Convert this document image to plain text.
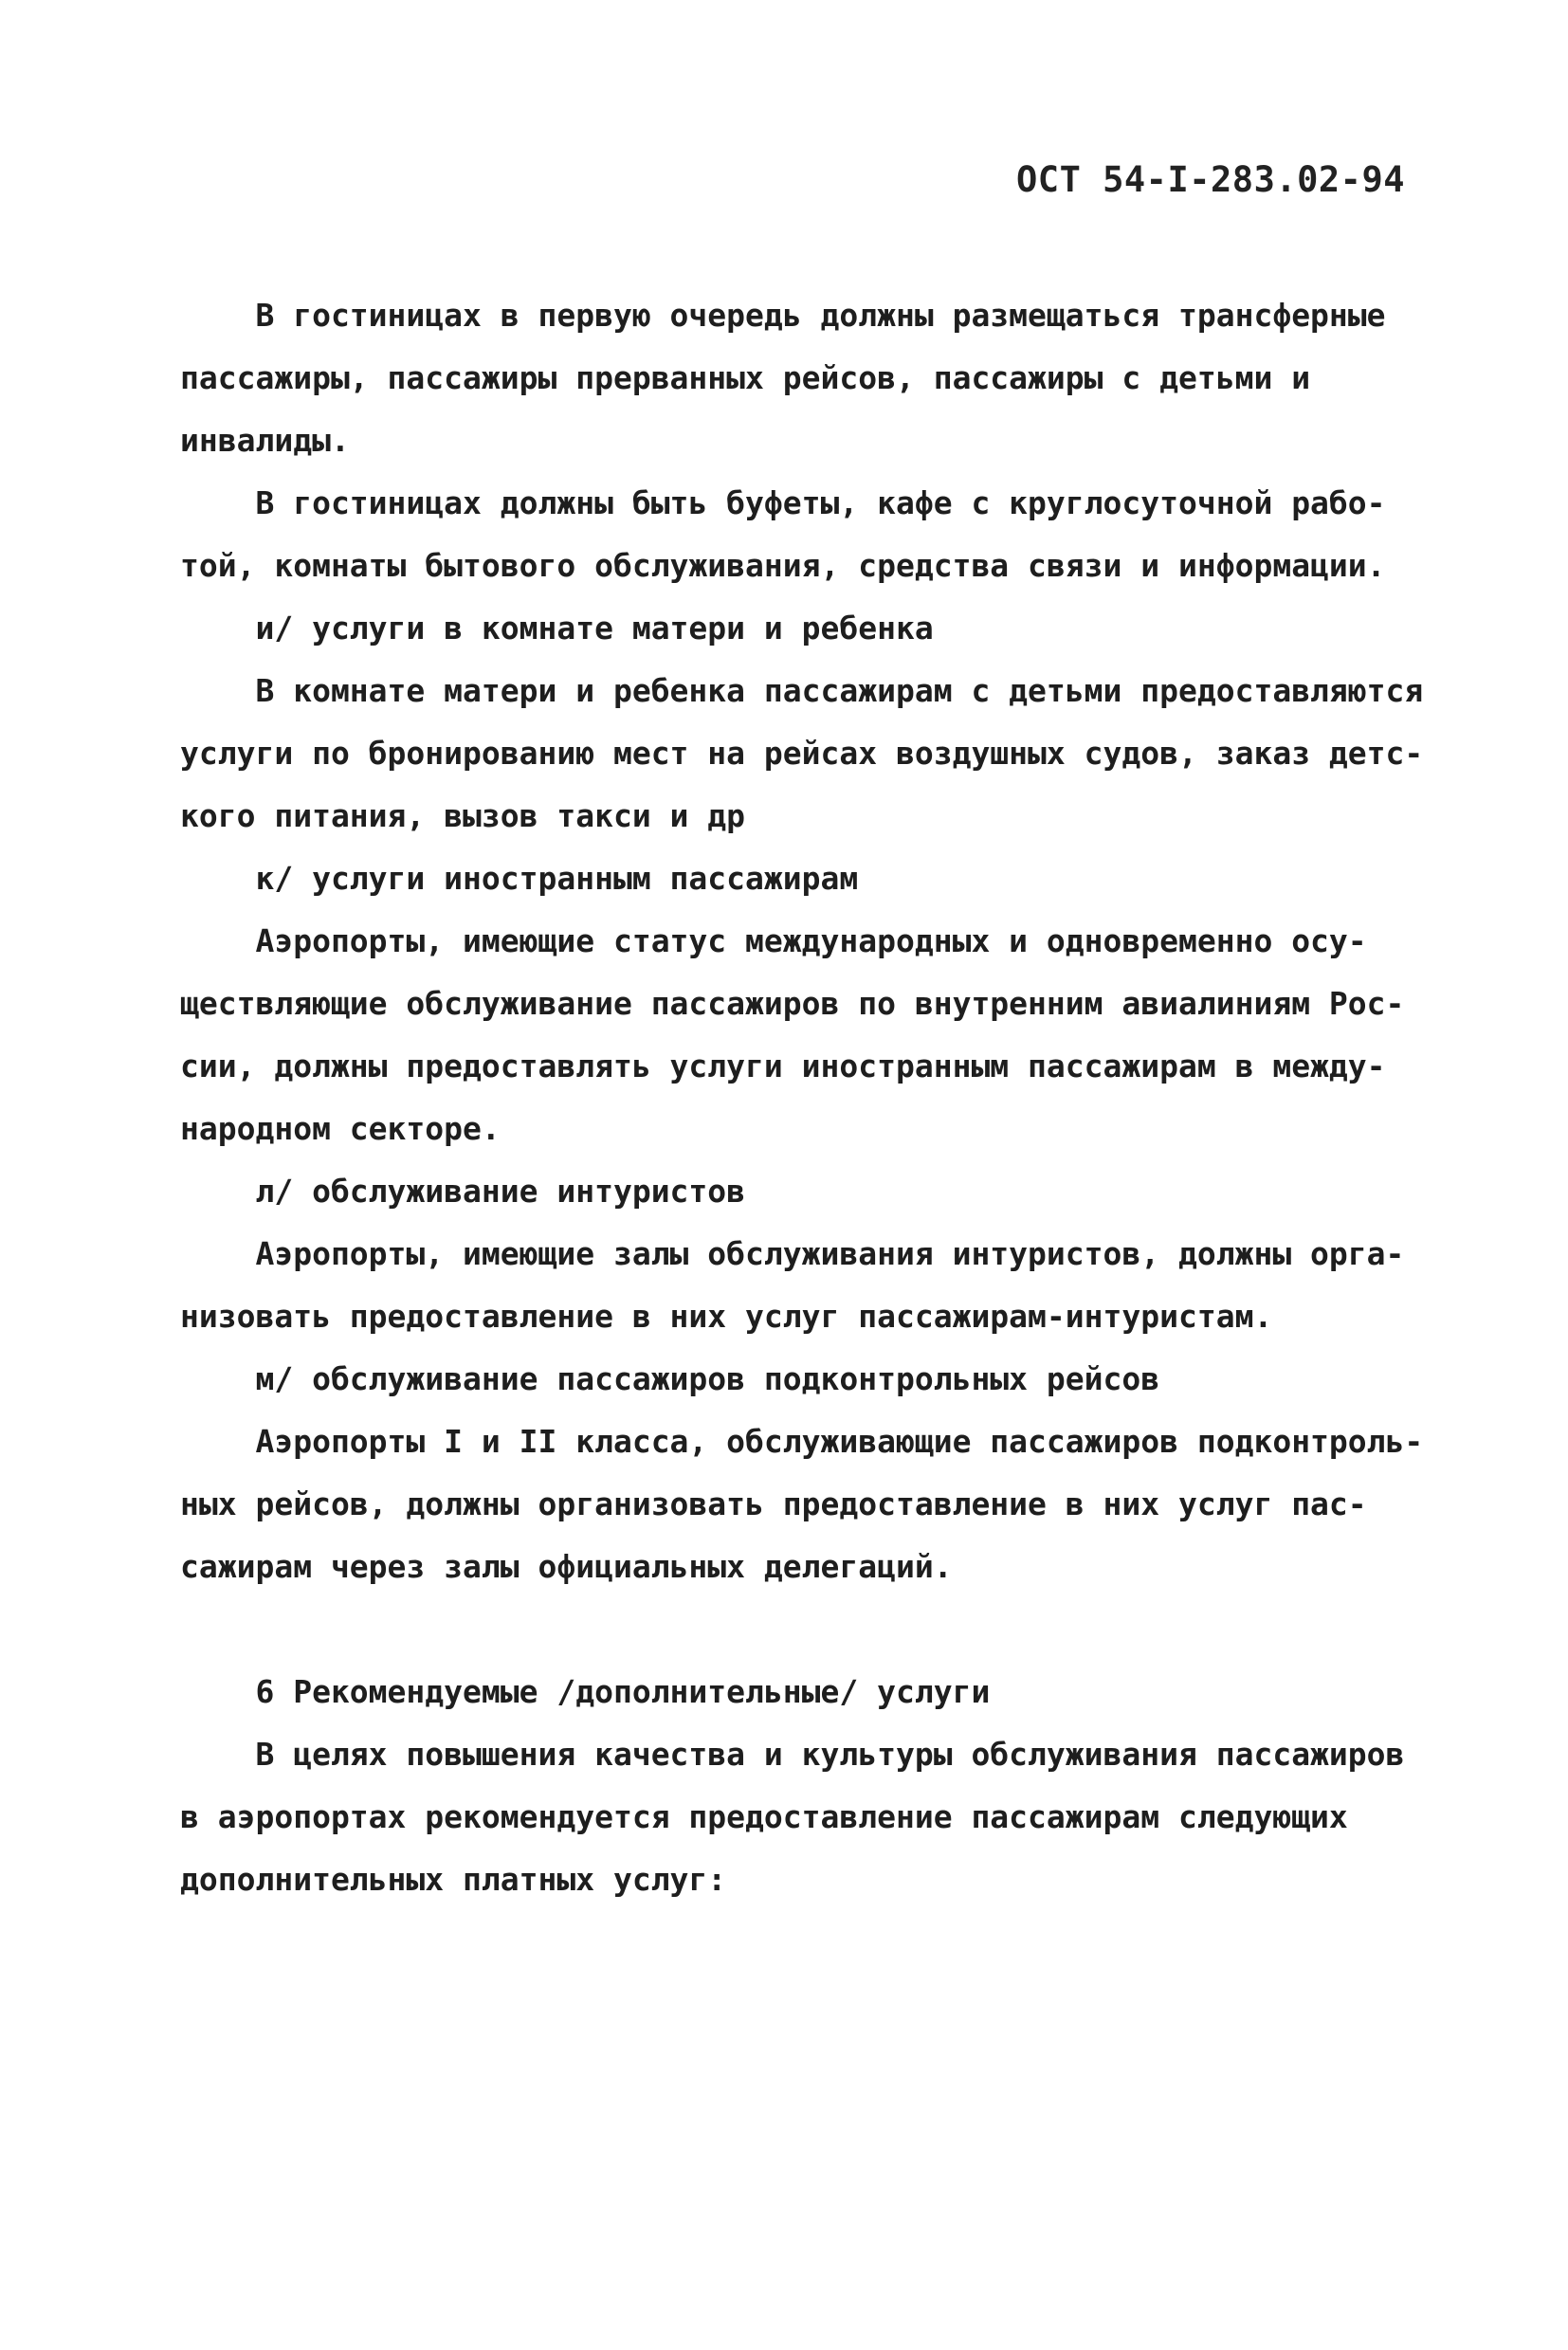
ОСТ 54-I-283.02-94
В гостиницах в первую очередь должны размещаться трансферные
пассажиры, пассажиры прерванных рейсов, пассажиры с детьми и
инвалиды.
В гостиницах должны быть буфеты, кафе с круглосуточной рабо-
той, комнаты бытового обслуживания, средства связи и информации.
и/ услуги в комнате матери и ребенка
В комнате матери и ребенка пассажирам с детьми предоставляются
услуги по бронированию мест на рейсах воздушных судов, заказ детс-
кого питания, вызов такси и др
к/ услуги иностранным пассажирам
Аэропорты, имеющие статус международных и одновременно осу-
ществляющие обслуживание пассажиров по внутренним авиалиниям Рос-
сии, должны предоставлять услуги иностранным пассажирам в между-
народном секторе.
л/ обслуживание интуристов
Аэропорты, имеющие залы обслуживания интуристов, должны орга-
низовать предоставление в них услуг пассажирам-интуристам.
м/ обслуживание пассажиров подконтрольных рейсов
Аэропорты I и II класса, обслуживающие пассажиров подконтроль-
ных рейсов, должны организовать предоставление в них услуг пас-
сажирам через залы официальных делегаций.
6 Рекомендуемые /дополнительные/ услуги
В целях повышения качества и культуры обслуживания пассажиров
в аэропортах рекомендуется предоставление пассажирам следующих
дополнительных платных услуг:
